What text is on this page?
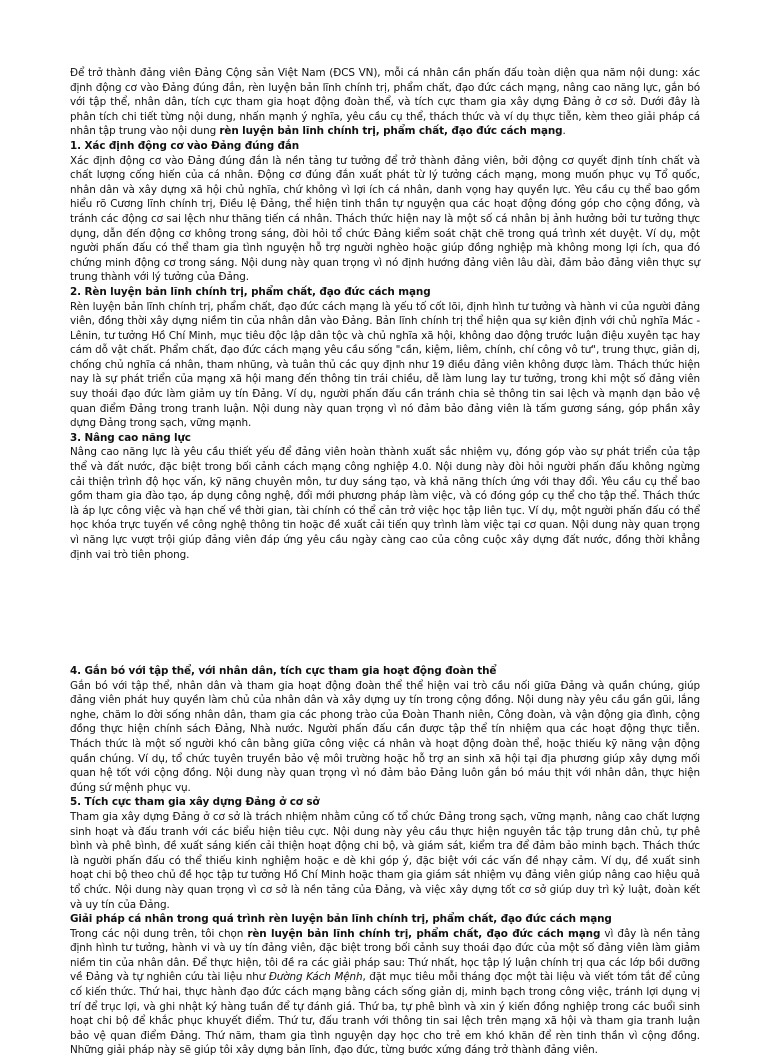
Để trở thành đảng viên Đảng Cộng sản Việt Nam (ĐCS VN), mỗi cá nhân cần phấn đấu toàn diện qua năm nội dung: xác định động cơ vào Đảng đúng đắn, rèn luyện bản lĩnh chính trị, phẩm chất, đạo đức cách mạng, nâng cao năng lực, gắn bó với tập thể, nhân dân, tích cực tham gia hoạt động đoàn thể, và tích cực tham gia xây dựng Đảng ở cơ sở. Dưới đây là phân tích chi tiết từng nội dung, nhấn mạnh ý nghĩa, yêu cầu cụ thể, thách thức và ví dụ thực tiễn, kèm theo giải pháp cá nhân tập trung vào nội dung rèn luyện bản lĩnh chính trị, phẩm chất, đạo đức cách mạng.

1. Xác định động cơ vào Đảng đúng đắn

Xác định động cơ vào Đảng đúng đắn là nền tảng tư tưởng để trở thành đảng viên, bởi động cơ quyết định tính chất và chất lượng cống hiến của cá nhân. Động cơ đúng đắn xuất phát từ lý tưởng cách mạng, mong muốn phục vụ Tổ quốc, nhân dân và xây dựng xã hội chủ nghĩa, chứ không vì lợi ích cá nhân, danh vọng hay quyền lực. Yêu cầu cụ thể bao gồm hiểu rõ Cương lĩnh chính trị, Điều lệ Đảng, thể hiện tinh thần tự nguyện qua các hoạt động đóng góp cho cộng đồng, và tránh các động cơ sai lệch như thăng tiến cá nhân. Thách thức hiện nay là một số cá nhân bị ảnh hưởng bởi tư tưởng thực dụng, dẫn đến động cơ không trong sáng, đòi hỏi tổ chức Đảng kiểm soát chặt chẽ trong quá trình xét duyệt. Ví dụ, một người phấn đấu có thể tham gia tình nguyện hỗ trợ người nghèo hoặc giúp đồng nghiệp mà không mong lợi ích, qua đó chứng minh động cơ trong sáng. Nội dung này quan trọng vì nó định hướng đảng viên lâu dài, đảm bảo đảng viên thực sự trung thành với lý tưởng của Đảng.

2. Rèn luyện bản lĩnh chính trị, phẩm chất, đạo đức cách mạng

Rèn luyện bản lĩnh chính trị, phẩm chất, đạo đức cách mạng là yếu tố cốt lõi, định hình tư tưởng và hành vi của người đảng viên, đồng thời xây dựng niềm tin của nhân dân vào Đảng. Bản lĩnh chính trị thể hiện qua sự kiên định với chủ nghĩa Mác - Lênin, tư tưởng Hồ Chí Minh, mục tiêu độc lập dân tộc và chủ nghĩa xã hội, không dao động trước luận điệu xuyên tạc hay cám dỗ vật chất. Phẩm chất, đạo đức cách mạng yêu cầu sống "cần, kiệm, liêm, chính, chí công vô tư", trung thực, giản dị, chống chủ nghĩa cá nhân, tham nhũng, và tuân thủ các quy định như 19 điều đảng viên không được làm. Thách thức hiện nay là sự phát triển của mạng xã hội mang đến thông tin trái chiều, dễ làm lung lay tư tưởng, trong khi một số đảng viên suy thoái đạo đức làm giảm uy tín Đảng. Ví dụ, người phấn đấu cần tránh chia sẻ thông tin sai lệch và mạnh dạn bảo vệ quan điểm Đảng trong tranh luận. Nội dung này quan trọng vì nó đảm bảo đảng viên là tấm gương sáng, góp phần xây dựng Đảng trong sạch, vững mạnh.

3. Nâng cao năng lực

Nâng cao năng lực là yêu cầu thiết yếu để đảng viên hoàn thành xuất sắc nhiệm vụ, đóng góp vào sự phát triển của tập thể và đất nước, đặc biệt trong bối cảnh cách mạng công nghiệp 4.0. Nội dung này đòi hỏi người phấn đấu không ngừng cải thiện trình độ học vấn, kỹ năng chuyên môn, tư duy sáng tạo, và khả năng thích ứng với thay đổi. Yêu cầu cụ thể bao gồm tham gia đào tạo, áp dụng công nghệ, đổi mới phương pháp làm việc, và có đóng góp cụ thể cho tập thể. Thách thức là áp lực công việc và hạn chế về thời gian, tài chính có thể cản trở việc học tập liên tục. Ví dụ, một người phấn đấu có thể học khóa trực tuyến về công nghệ thông tin hoặc đề xuất cải tiến quy trình làm việc tại cơ quan. Nội dung này quan trọng vì năng lực vượt trội giúp đảng viên đáp ứng yêu cầu ngày càng cao của công cuộc xây dựng đất nước, đồng thời khẳng định vai trò tiên phong.

4. Gắn bó với tập thể, với nhân dân, tích cực tham gia hoạt động đoàn thể

Gắn bó với tập thể, nhân dân và tham gia hoạt động đoàn thể thể hiện vai trò cầu nối giữa Đảng và quần chúng, giúp đảng viên phát huy quyền làm chủ của nhân dân và xây dựng uy tín trong cộng đồng. Nội dung này yêu cầu gần gũi, lắng nghe, chăm lo đời sống nhân dân, tham gia các phong trào của Đoàn Thanh niên, Công đoàn, và vận động gia đình, cộng đồng thực hiện chính sách Đảng, Nhà nước. Người phấn đấu cần được tập thể tín nhiệm qua các hoạt động thực tiễn. Thách thức là một số người khó cân bằng giữa công việc cá nhân và hoạt động đoàn thể, hoặc thiếu kỹ năng vận động quần chúng. Ví dụ, tổ chức tuyên truyền bảo vệ môi trường hoặc hỗ trợ an sinh xã hội tại địa phương giúp xây dựng mối quan hệ tốt với cộng đồng. Nội dung này quan trọng vì nó đảm bảo Đảng luôn gắn bó máu thịt với nhân dân, thực hiện đúng sứ mệnh phục vụ.

5. Tích cực tham gia xây dựng Đảng ở cơ sở

Tham gia xây dựng Đảng ở cơ sở là trách nhiệm nhằm củng cố tổ chức Đảng trong sạch, vững mạnh, nâng cao chất lượng sinh hoạt và đấu tranh với các biểu hiện tiêu cực. Nội dung này yêu cầu thực hiện nguyên tắc tập trung dân chủ, tự phê bình và phê bình, đề xuất sáng kiến cải thiện hoạt động chi bộ, và giám sát, kiểm tra để đảm bảo minh bạch. Thách thức là người phấn đấu có thể thiếu kinh nghiệm hoặc e dè khi góp ý, đặc biệt với các vấn đề nhạy cảm. Ví dụ, đề xuất sinh hoạt chi bộ theo chủ đề học tập tư tưởng Hồ Chí Minh hoặc tham gia giám sát nhiệm vụ đảng viên giúp nâng cao hiệu quả tổ chức. Nội dung này quan trọng vì cơ sở là nền tảng của Đảng, và việc xây dựng tốt cơ sở giúp duy trì kỷ luật, đoàn kết và uy tín của Đảng.

Giải pháp cá nhân trong quá trình rèn luyện bản lĩnh chính trị, phẩm chất, đạo đức cách mạng

Trong các nội dung trên, tôi chọn rèn luyện bản lĩnh chính trị, phẩm chất, đạo đức cách mạng vì đây là nền tảng định hình tư tưởng, hành vi và uy tín đảng viên, đặc biệt trong bối cảnh suy thoái đạo đức của một số đảng viên làm giảm niềm tin của nhân dân. Để thực hiện, tôi đề ra các giải pháp sau: Thứ nhất, học tập lý luận chính trị qua các lớp bồi dưỡng về Đảng và tự nghiên cứu tài liệu như Đường Kách Mệnh, đặt mục tiêu mỗi tháng đọc một tài liệu và viết tóm tắt để củng cố kiến thức. Thứ hai, thực hành đạo đức cách mạng bằng cách sống giản dị, minh bạch trong công việc, tránh lợi dụng vị trí để trục lợi, và ghi nhật ký hàng tuần để tự đánh giá. Thứ ba, tự phê bình và xin ý kiến đồng nghiệp trong các buổi sinh hoạt chi bộ để khắc phục khuyết điểm. Thứ tư, đấu tranh với thông tin sai lệch trên mạng xã hội và tham gia tranh luận bảo vệ quan điểm Đảng. Thứ năm, tham gia tình nguyện dạy học cho trẻ em khó khăn để rèn tinh thần vì cộng đồng. Những giải pháp này sẽ giúp tôi xây dựng bản lĩnh, đạo đức, từng bước xứng đáng trở thành đảng viên.
